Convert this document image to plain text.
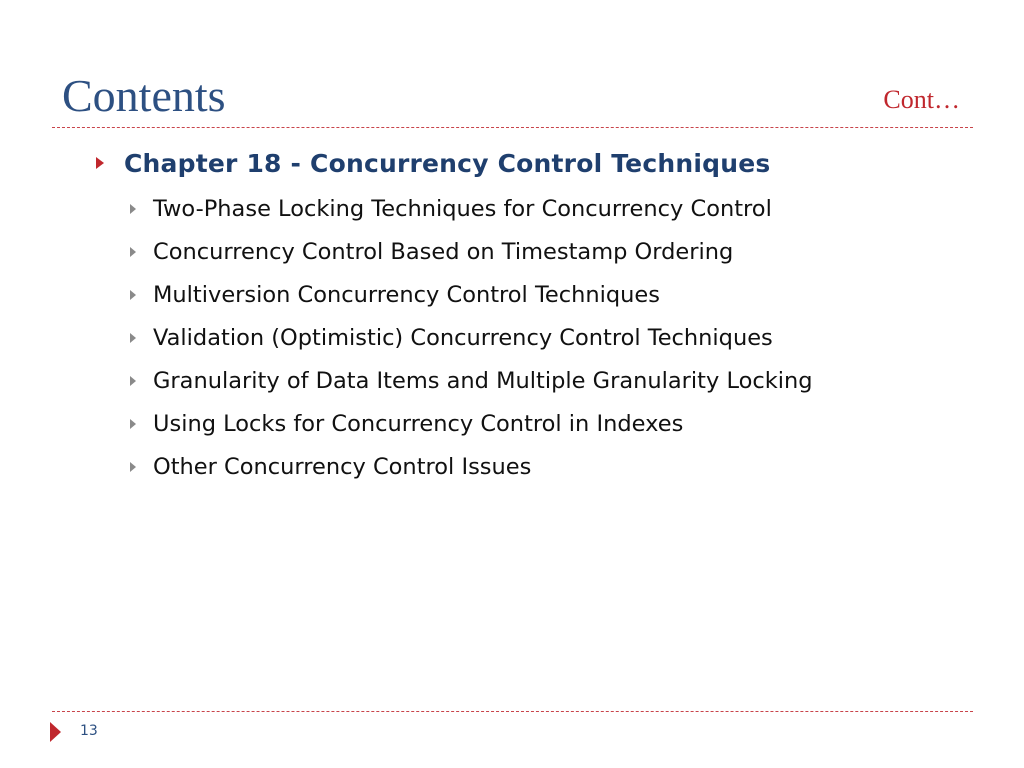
Contents	Cont…
Chapter 18 - Concurrency Control Techniques
Two-Phase Locking Techniques for Concurrency Control
Concurrency Control Based on Timestamp Ordering
Multiversion Concurrency Control Techniques
Validation (Optimistic) Concurrency Control Techniques
Granularity of Data Items and Multiple Granularity Locking
Using Locks for Concurrency Control in Indexes
Other Concurrency Control Issues
13
